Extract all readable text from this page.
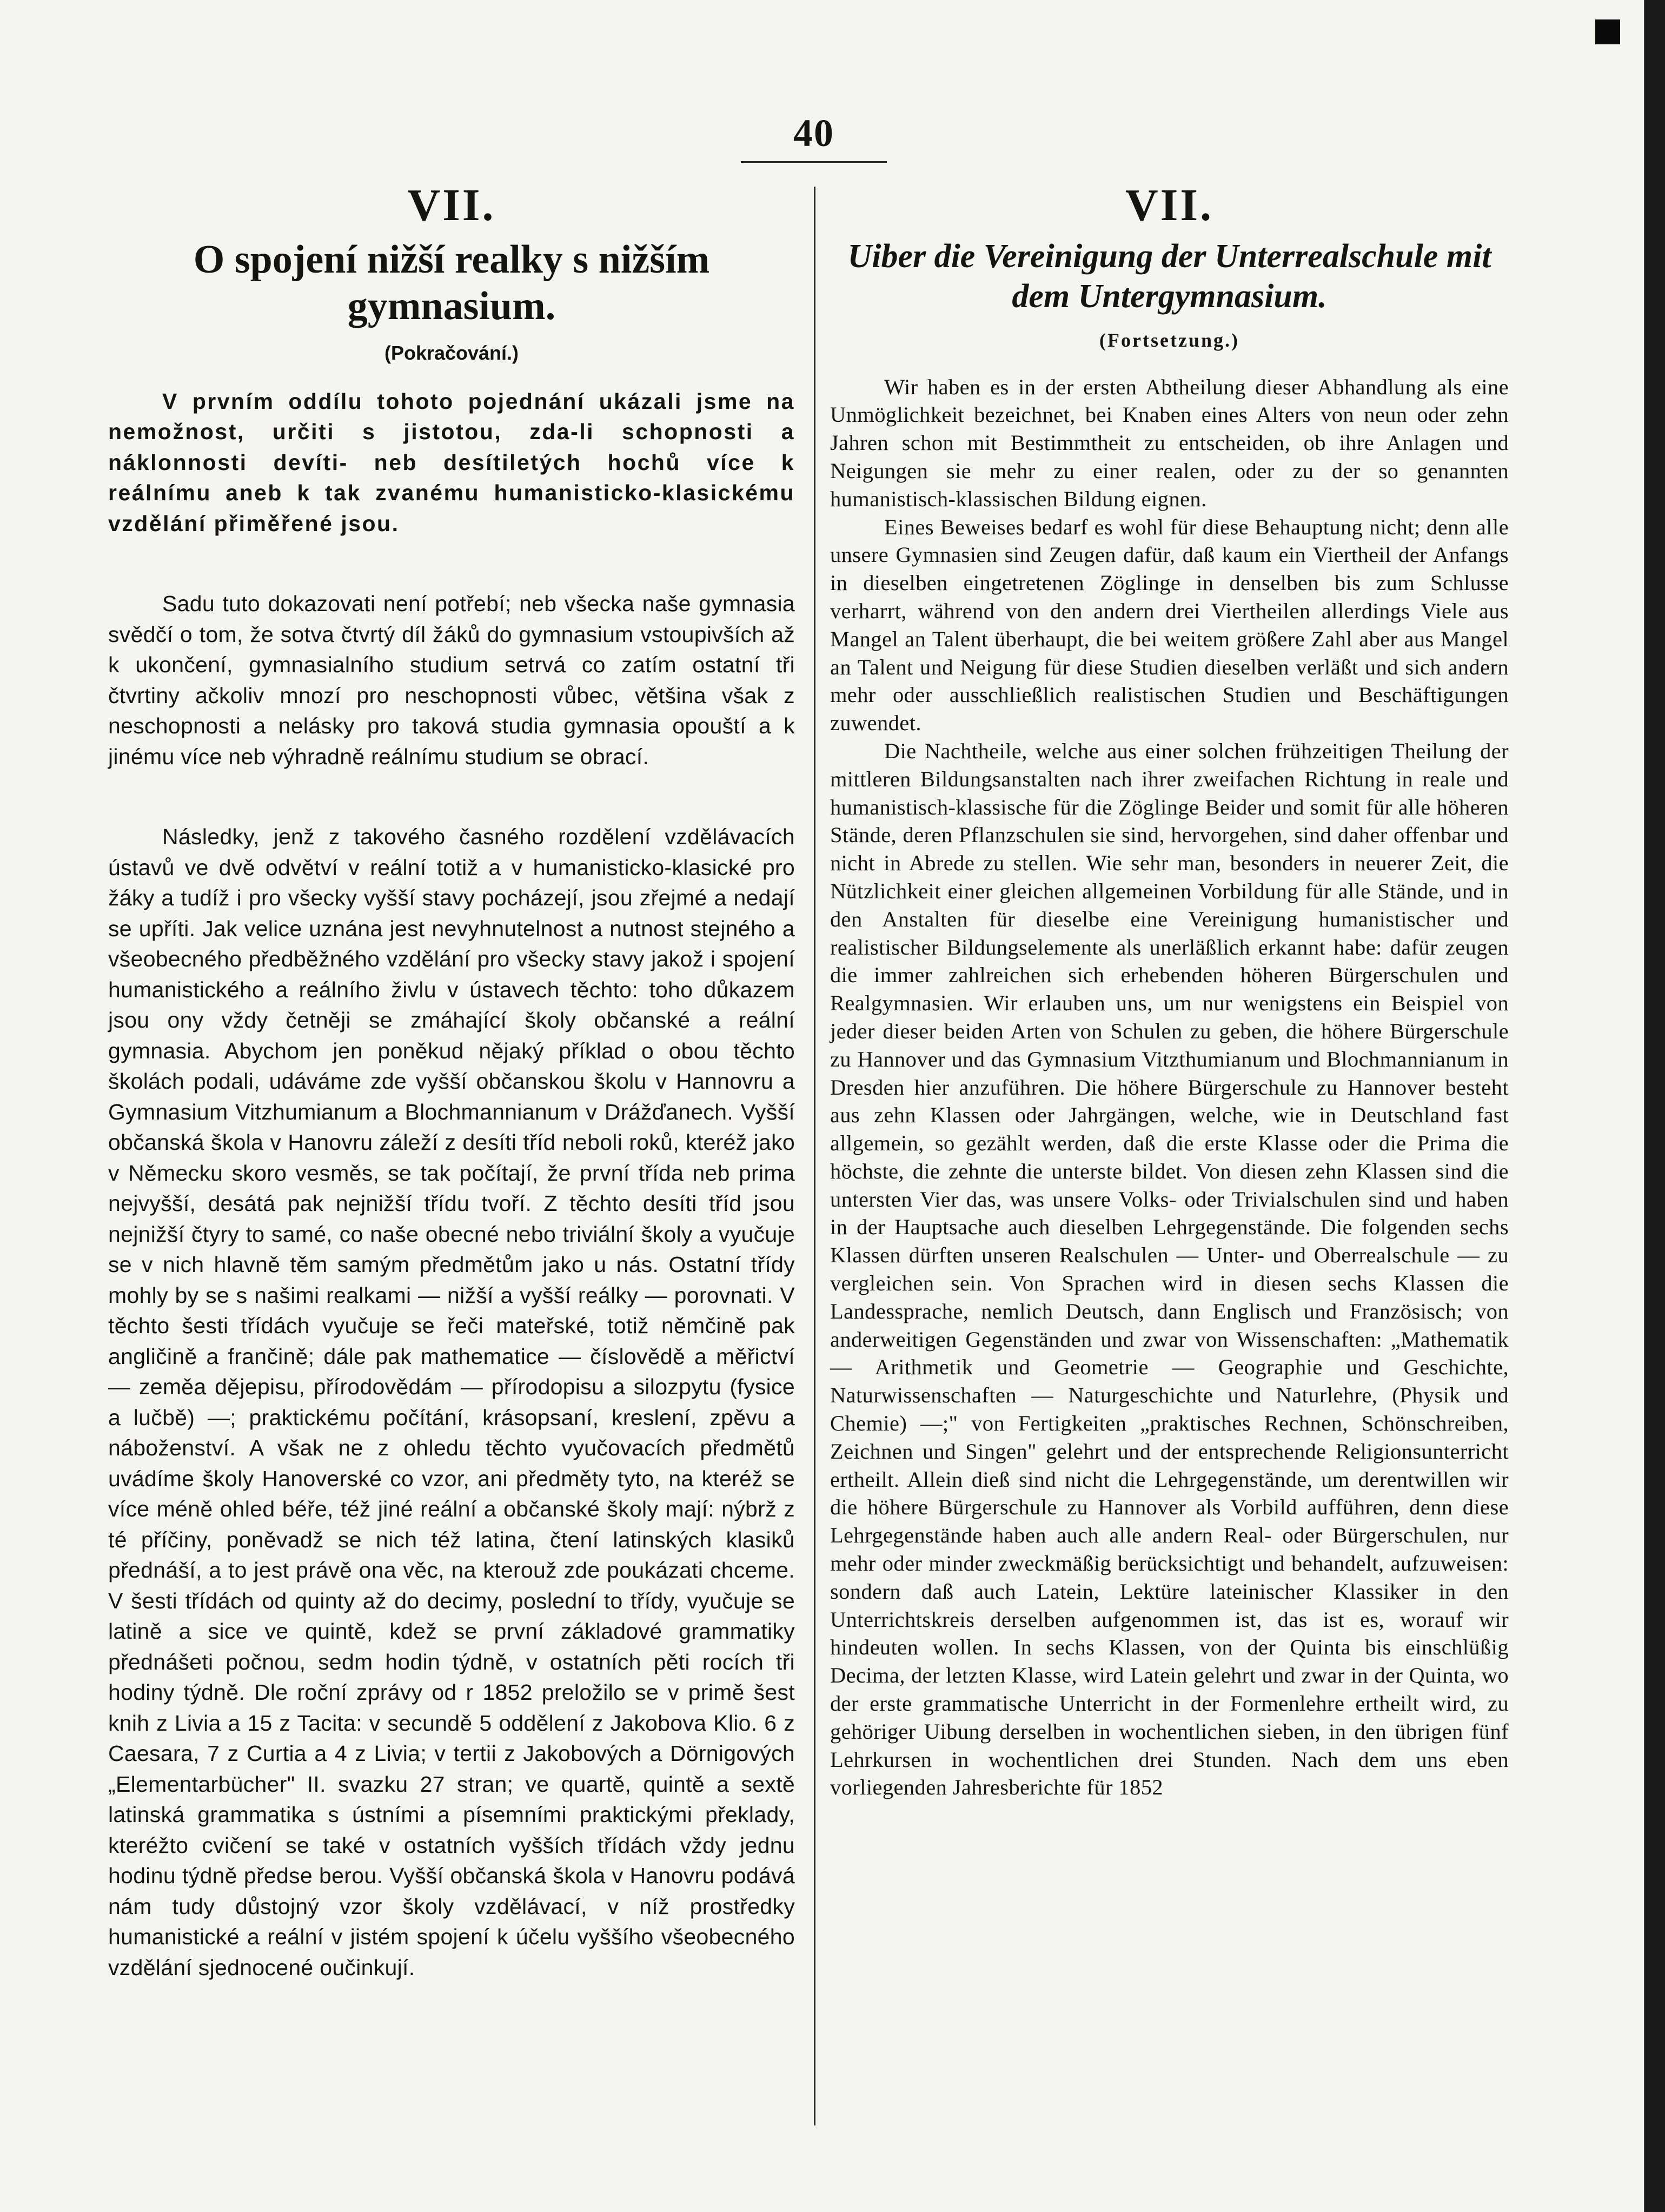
40
VII.
O spojení nižší realky s nižším gymnasium.
(Pokračování.)

V prvním oddílu tohoto pojednání ukázali jsme na nemožnost, určiti s jistotou, zda-li schopnosti a náklonnosti devíti- neb desítiletých hochů více k reálnímu aneb k tak zvanému humanisticko-klasickému vzdělání přiměřené jsou.

Sadu tuto dokazovati není potřebí; neb všecka naše gymnasia svědčí o tom, že sotva čtvrtý díl žáků do gymnasium vstoupivších až k ukončení, gymnasialního studium setrvá co zatím ostatní tři čtvrtiny ačkoliv mnozí pro neschopnosti vůbec, většina však z neschopnosti a nelásky pro taková studia gymnasia opouští a k jinému více neb výhradně reálnímu studium se obrací.

Následky, jenž z takového časného rozdělení vzdělávacích ústavů ve dvě odvětví v reální totiž a v humanisticko-klasické pro žáky a tudíž i pro všecky vyšší stavy pocházejí, jsou zřejmé a nedají se upříti. Jak velice uznána jest nevyhnutelnost a nutnost stejného a všeobecného předběžného vzdělání pro všecky stavy jakož i spojení humanistického a reálního živlu v ústavech těchto: toho důkazem jsou ony vždy četněji se zmáhající školy občanské a reální gymnasia. Abychom jen poněkud nějaký příklad o obou těchto školách podali, udáváme zde vyšší občanskou školu v Hannovru a Gymnasium Vitzhumianum a Blochmannianum v Drážďanech. Vyšší občanská škola v Hanovru záleží z desíti tříd neboli roků, kteréž jako v Německu skoro vesměs, se tak počítají, že první třída neb prima nejvyšší, desátá pak nejnižší třídu tvoří. Z těchto desíti tříd jsou nejnižší čtyry to samé, co naše obecné nebo triviální školy a vyučuje se v nich hlavně těm samým předmětům jako u nás. Ostatní třídy mohly by se s našimi realkami — nižší a vyšší reálky — porovnati. V těchto šesti třídách vyučuje se řeči mateřské, totiž němčině pak angličině a frančině; dále pak mathematice — číslovědě a měřictví — zeměa dějepisu, přírodovědám — přírodopisu a silozpytu (fysice a lučbě) —; praktickému počítání, krásopsaní, kreslení, zpěvu a náboženství. A však ne z ohledu těchto vyučovacích předmětů uvádíme školy Hanoverské co vzor, ani předměty tyto, na kteréž se více méně ohled béře, též jiné reální a občanské školy mají: nýbrž z té příčiny, poněvadž se nich též latina, čtení latinských klasiků přednáší, a to jest právě ona věc, na kterouž zde poukázati chceme. V šesti třídách od quinty až do decimy, poslední to třídy, vyučuje se latině a sice ve quintě, kdež se první základové grammatiky přednášeti počnou, sedm hodin týdně, v ostatních pěti rocích tři hodiny týdně. Dle roční zprávy od r 1852 preložilo se v primě šest knih z Livia a 15 z Tacita: v secundě 5 oddělení z Jakobova Klio. 6 z Caesara, 7 z Curtia a 4 z Livia; v tertii z Jakobových a Dörnigových „Elementarbücher" II. svazku 27 stran; ve quartě, quintě a sextě latinská grammatika s ústními a písemními praktickými překlady, kteréžto cvičení se také v ostatních vyšších třídách vždy jednu hodinu týdně předse berou. Vyšší občanská škola v Hanovru podává nám tudy důstojný vzor školy vzdělávací, v níž prostředky humanistické a reální v jistém spojení k účelu vyššího všeobecného vzdělání sjednocené oučinkují.

VII.
Uiber die Vereinigung der Unterrealschule mit dem Untergymnasium.
(Fortsetzung.)

Wir haben es in der ersten Abtheilung dieser Abhandlung als eine Unmöglichkeit bezeichnet, bei Knaben eines Alters von neun oder zehn Jahren schon mit Bestimmtheit zu entscheiden, ob ihre Anlagen und Neigungen sie mehr zu einer realen, oder zu der so genannten humanistisch-klassischen Bildung eignen.

Eines Beweises bedarf es wohl für diese Behauptung nicht; denn alle unsere Gymnasien sind Zeugen dafür, daß kaum ein Viertheil der Anfangs in dieselben eingetretenen Zöglinge in denselben bis zum Schlusse verharrt, während von den andern drei Viertheilen allerdings Viele aus Mangel an Talent überhaupt, die bei weitem größere Zahl aber aus Mangel an Talent und Neigung für diese Studien dieselben verläßt und sich andern mehr oder ausschließlich realistischen Studien und Beschäftigungen zuwendet.

Die Nachtheile, welche aus einer solchen frühzeitigen Theilung der mittleren Bildungsanstalten nach ihrer zweifachen Richtung in reale und humanistisch-klassische für die Zöglinge Beider und somit für alle höheren Stände, deren Pflanzschulen sie sind, hervorgehen, sind daher offenbar und nicht in Abrede zu stellen. Wie sehr man, besonders in neuerer Zeit, die Nützlichkeit einer gleichen allgemeinen Vorbildung für alle Stände, und in den Anstalten für dieselbe eine Vereinigung humanistischer und realistischer Bildungselemente als unerläßlich erkannt habe: dafür zeugen die immer zahlreichen sich erhebenden höheren Bürgerschulen und Realgymnasien. Wir erlauben uns, um nur wenigstens ein Beispiel von jeder dieser beiden Arten von Schulen zu geben, die höhere Bürgerschule zu Hannover und das Gymnasium Vitzthumianum und Blochmannianum in Dresden hier anzuführen. Die höhere Bürgerschule zu Hannover besteht aus zehn Klassen oder Jahrgängen, welche, wie in Deutschland fast allgemein, so gezählt werden, daß die erste Klasse oder die Prima die höchste, die zehnte die unterste bildet. Von diesen zehn Klassen sind die untersten Vier das, was unsere Volks- oder Trivialschulen sind und haben in der Hauptsache auch dieselben Lehrgegenstände. Die folgenden sechs Klassen dürften unseren Realschulen — Unter- und Oberrealschule — zu vergleichen sein. Von Sprachen wird in diesen sechs Klassen die Landessprache, nemlich Deutsch, dann Englisch und Französisch; von anderweitigen Gegenständen und zwar von Wissenschaften: „Mathematik — Arithmetik und Geometrie — Geographie und Geschichte, Naturwissenschaften — Naturgeschichte und Naturlehre, (Physik und Chemie) —;" von Fertigkeiten „praktisches Rechnen, Schönschreiben, Zeichnen und Singen" gelehrt und der entsprechende Religionsunterricht ertheilt. Allein dieß sind nicht die Lehrgegenstände, um derentwillen wir die höhere Bürgerschule zu Hannover als Vorbild aufführen, denn diese Lehrgegenstände haben auch alle andern Real- oder Bürgerschulen, nur mehr oder minder zweckmäßig berücksichtigt und behandelt, aufzuweisen: sondern daß auch Latein, Lektüre lateinischer Klassiker in den Unterrichtskreis derselben aufgenommen ist, das ist es, worauf wir hindeuten wollen. In sechs Klassen, von der Quinta bis einschlüßig Decima, der letzten Klasse, wird Latein gelehrt und zwar in der Quinta, wo der erste grammatische Unterricht in der Formenlehre ertheilt wird, zu gehöriger Uibung derselben in wochentlichen sieben, in den übrigen fünf Lehrkursen in wochentlichen drei Stunden. Nach dem uns eben vorliegenden Jahresberichte für 1852
